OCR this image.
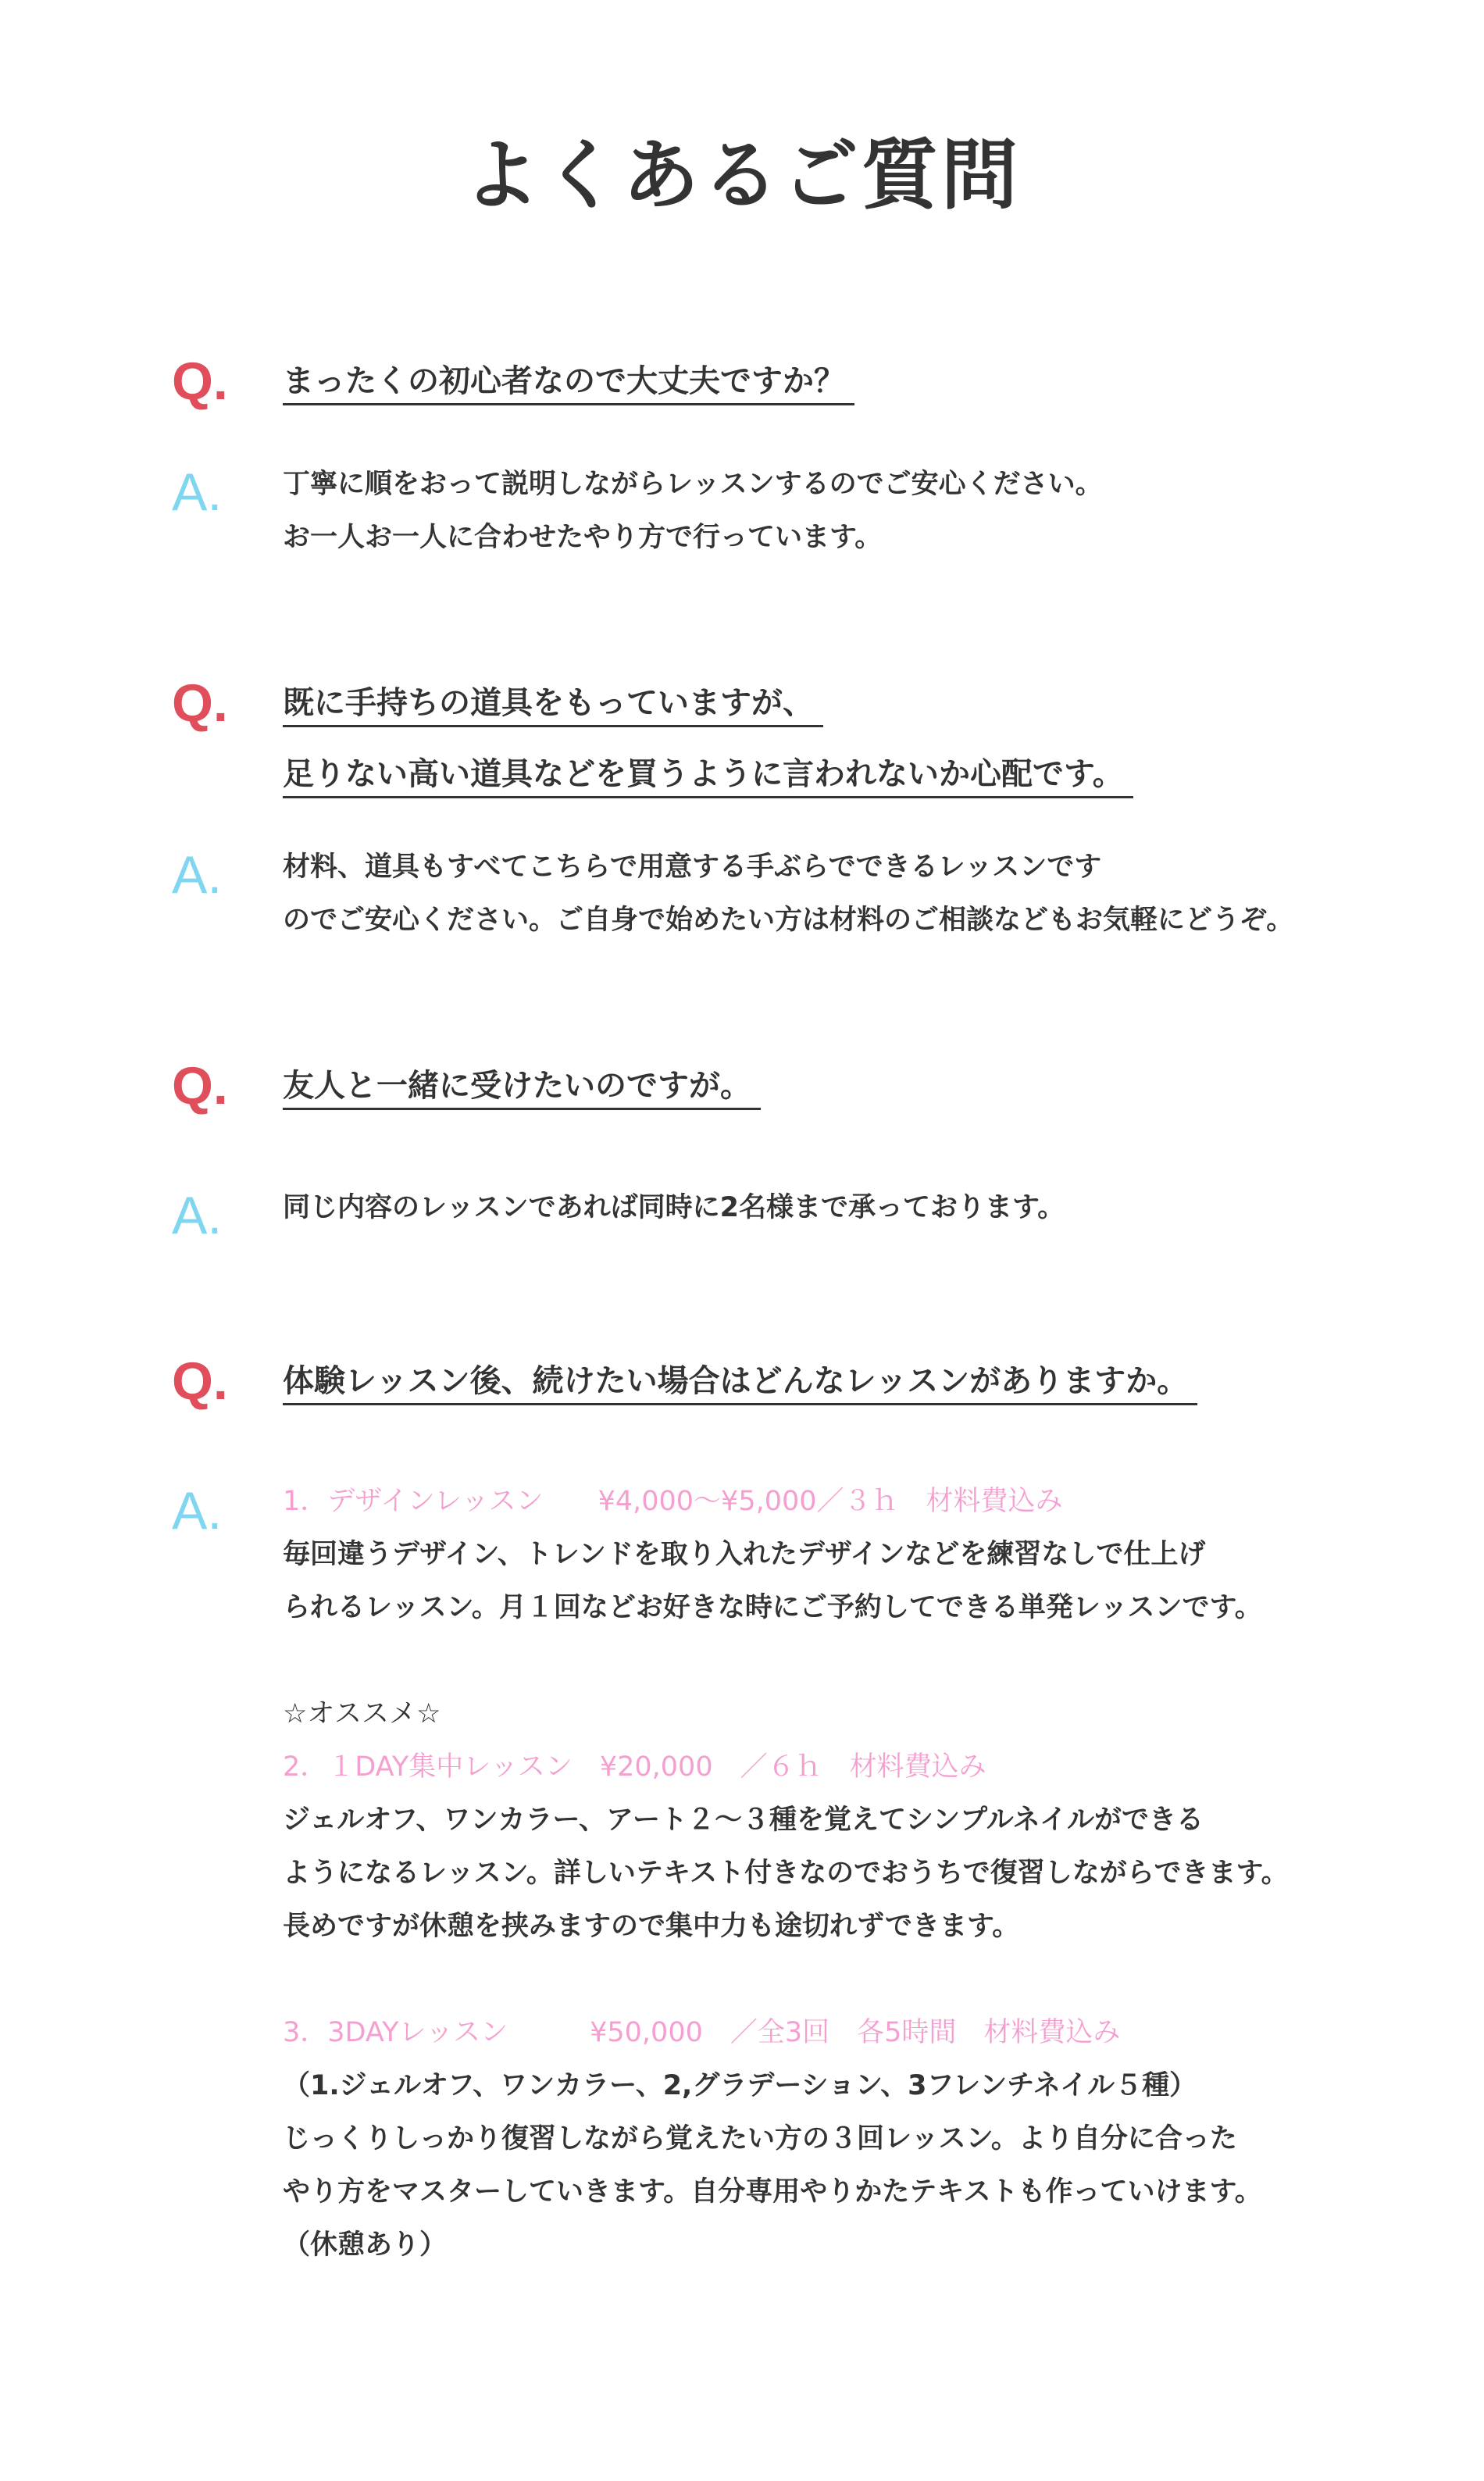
よくあるご質問
Q.	まったくの初心者なので大丈夫ですか？
A.	丁寧に順をおって説明しながらレッスンするのでご安心ください。
お一人お一人に合わせたやり方で行っています。
Q.	既に手持ちの道具をもっていますが、
足りない高い道具などを買うように言われないか心配です。
A.	材料、道具もすべてこちらで用意する手ぶらでできるレッスンです
のでご安心ください。ご自身で始めたい方は材料のご相談などもお気軽にどうぞ。
Q.	友人と一緒に受けたいのですが。
A.	同じ内容のレッスンであれば同時に2名様まで承っております。
Q.	体験レッスン後、続けたい場合はどんなレッスンがありますか。
A.	1．デザインレッスン　　¥4,000〜¥5,000／３ｈ　材料費込み
毎回違うデザイン、トレンドを取り入れたデザインなどを練習なしで仕上げ
られるレッスン。月１回などお好きな時にご予約してできる単発レッスンです。
☆オススメ☆
2．１DAY集中レッスン　¥20,000　／６ｈ　材料費込み
ジェルオフ、ワンカラー、アート２〜３種を覚えてシンプルネイルができる
ようになるレッスン。詳しいテキスト付きなのでおうちで復習しながらできます。
長めですが休憩を挟みますので集中力も途切れずできます。
3．3DAYレッスン　　　¥50,000　／全3回　各5時間　材料費込み
（1.ジェルオフ、ワンカラー、2,グラデーション、3フレンチネイル５種）
じっくりしっかり復習しながら覚えたい方の３回レッスン。より自分に合った
やり方をマスターしていきます。自分専用やりかたテキストも作っていけます。
（休憩あり）
